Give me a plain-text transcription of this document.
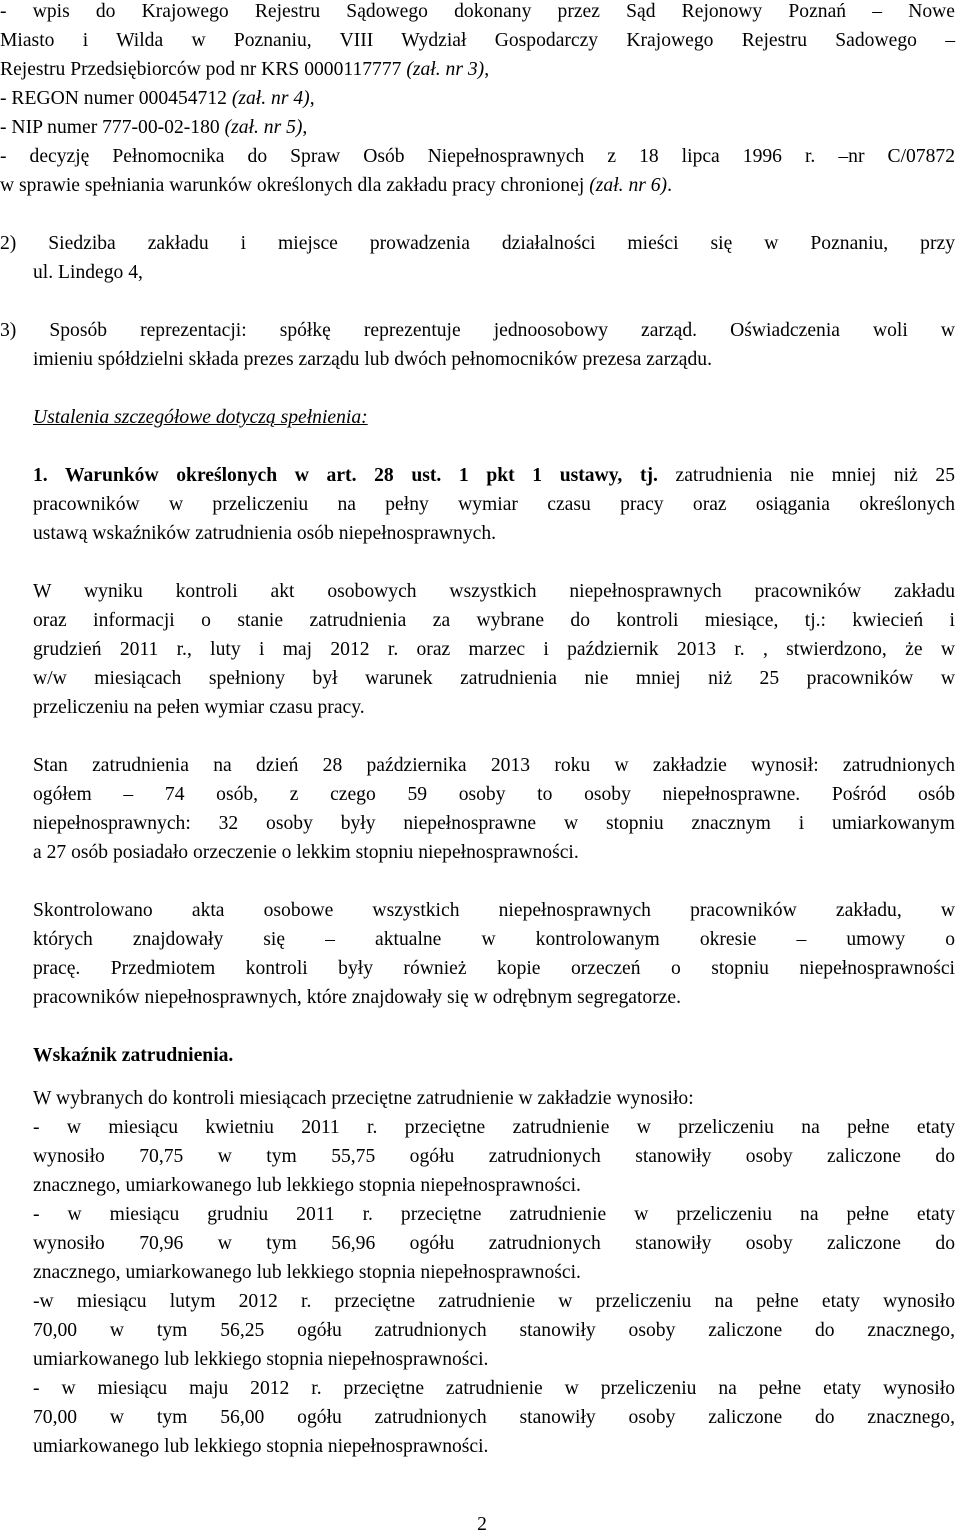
- wpis do Krajowego Rejestru Sądowego dokonany przez Sąd Rejonowy Poznań – Nowe
Miasto i Wilda w Poznaniu, VIII Wydział Gospodarczy Krajowego Rejestru Sadowego –
Rejestru Przedsiębiorców pod nr KRS 0000117777 (zał. nr 3),
- REGON numer 000454712 (zał. nr 4),
- NIP numer 777-00-02-180 (zał. nr 5),
- decyzję Pełnomocnika do Spraw Osób Niepełnosprawnych z 18 lipca 1996 r. –nr C/07872
w sprawie spełniania warunków określonych dla zakładu pracy chronionej (zał. nr 6).
2) Siedziba zakładu i miejsce prowadzenia działalności mieści się w Poznaniu, przy
ul. Lindego 4,
3) Sposób reprezentacji: spółkę reprezentuje jednoosobowy zarząd. Oświadczenia woli w
imieniu spółdzielni składa prezes zarządu lub dwóch pełnomocników prezesa zarządu.
Ustalenia szczegółowe dotyczą spełnienia:
1. Warunków określonych w art. 28 ust. 1 pkt 1 ustawy, tj. zatrudnienia nie mniej niż 25
pracowników w przeliczeniu na pełny wymiar czasu pracy oraz osiągania określonych
ustawą wskaźników zatrudnienia osób niepełnosprawnych.
W wyniku kontroli akt osobowych wszystkich niepełnosprawnych pracowników zakładu
oraz informacji o stanie zatrudnienia za wybrane do kontroli miesiące, tj.: kwiecień i
grudzień 2011 r., luty i maj 2012 r. oraz marzec i październik 2013 r. , stwierdzono, że w
w/w miesiącach spełniony był warunek zatrudnienia nie mniej niż 25 pracowników w
przeliczeniu na pełen wymiar czasu pracy.
Stan zatrudnienia na dzień 28 października 2013 roku w zakładzie wynosił: zatrudnionych
ogółem – 74 osób, z czego 59 osoby to osoby niepełnosprawne. Pośród osób
niepełnosprawnych: 32 osoby były niepełnosprawne w stopniu znacznym i umiarkowanym
a 27 osób posiadało orzeczenie o lekkim stopniu niepełnosprawności.
Skontrolowano akta osobowe wszystkich niepełnosprawnych pracowników zakładu, w
których znajdowały się – aktualne w kontrolowanym okresie – umowy o
pracę. Przedmiotem kontroli były również kopie orzeczeń o stopniu niepełnosprawności
pracowników niepełnosprawnych, które znajdowały się w odrębnym segregatorze.
Wskaźnik zatrudnienia.
W wybranych do kontroli miesiącach przeciętne zatrudnienie w zakładzie wynosiło:
- w miesiącu kwietniu 2011 r. przeciętne zatrudnienie w przeliczeniu na pełne etaty
wynosiło 70,75 w tym 55,75 ogółu zatrudnionych stanowiły osoby zaliczone do
znacznego, umiarkowanego lub lekkiego stopnia niepełnosprawności.
- w miesiącu grudniu 2011 r. przeciętne zatrudnienie w przeliczeniu na pełne etaty
wynosiło 70,96 w tym 56,96 ogółu zatrudnionych stanowiły osoby zaliczone do
znacznego, umiarkowanego lub lekkiego stopnia niepełnosprawności.
-w miesiącu lutym 2012 r. przeciętne zatrudnienie w przeliczeniu na pełne etaty wynosiło
70,00 w tym 56,25 ogółu zatrudnionych stanowiły osoby zaliczone do znacznego,
umiarkowanego lub lekkiego stopnia niepełnosprawności.
- w miesiącu maju 2012 r. przeciętne zatrudnienie w przeliczeniu na pełne etaty wynosiło
70,00 w tym 56,00 ogółu zatrudnionych stanowiły osoby zaliczone do znacznego,
umiarkowanego lub lekkiego stopnia niepełnosprawności.
2
